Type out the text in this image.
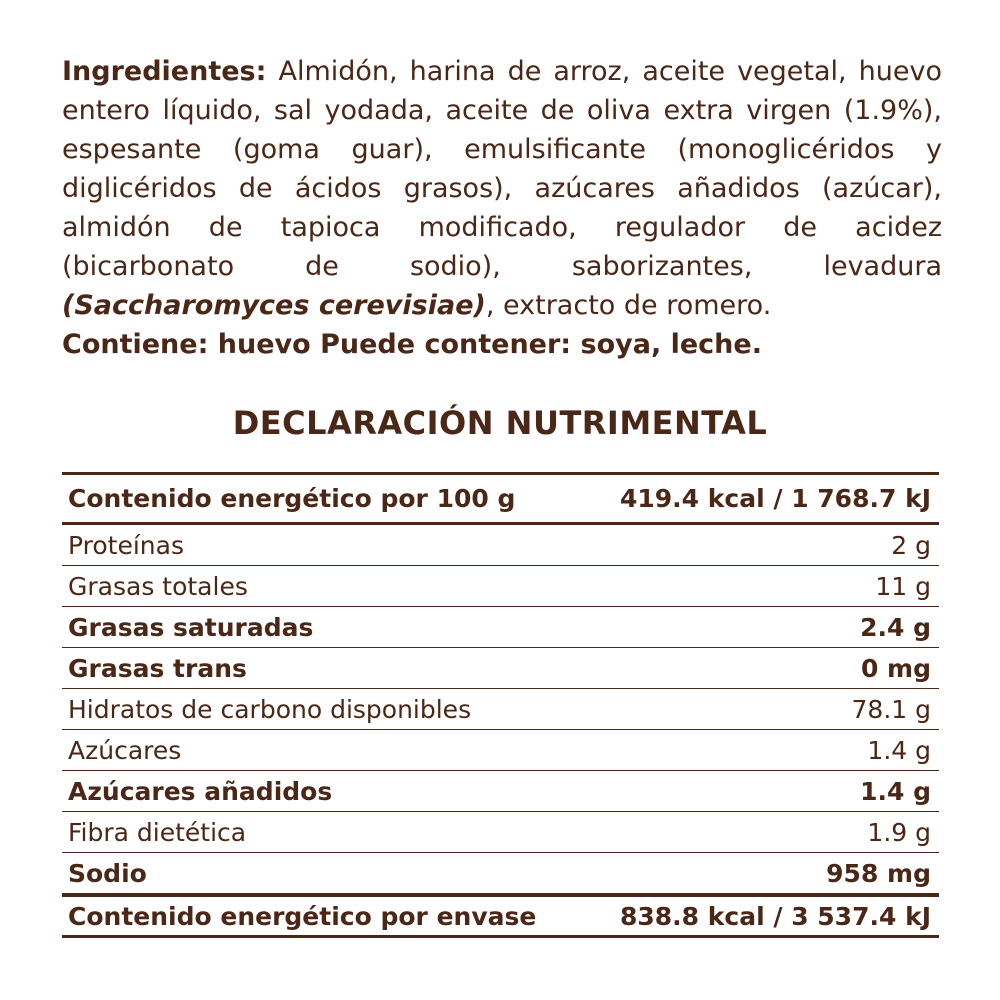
Ingredientes: Almidón, harina de arroz, aceite vegetal, huevo entero líquido, sal yodada, aceite de oliva extra virgen (1.9%), espesante (goma guar), emulsificante (monoglicéridos y diglicéridos de ácidos grasos), azúcares añadidos (azúcar), almidón de tapioca modificado, regulador de acidez (bicarbonato de sodio), saborizantes, levadura (Saccharomyces cerevisiae), extracto de romero.

Contiene: huevo Puede contener: soya, leche.

DECLARACIÓN NUTRIMENTAL
Contenido energético por 100 g	419.4 kcal / 1 768.7 kJ
Proteínas	2 g
Grasas totales	11 g
Grasas saturadas	2.4 g
Grasas trans	0 mg
Hidratos de carbono disponibles	78.1 g
Azúcares	1.4 g
Azúcares añadidos	1.4 g
Fibra dietética	1.9 g
Sodio	958 mg
Contenido energético por envase	838.8 kcal / 3 537.4 kJ
